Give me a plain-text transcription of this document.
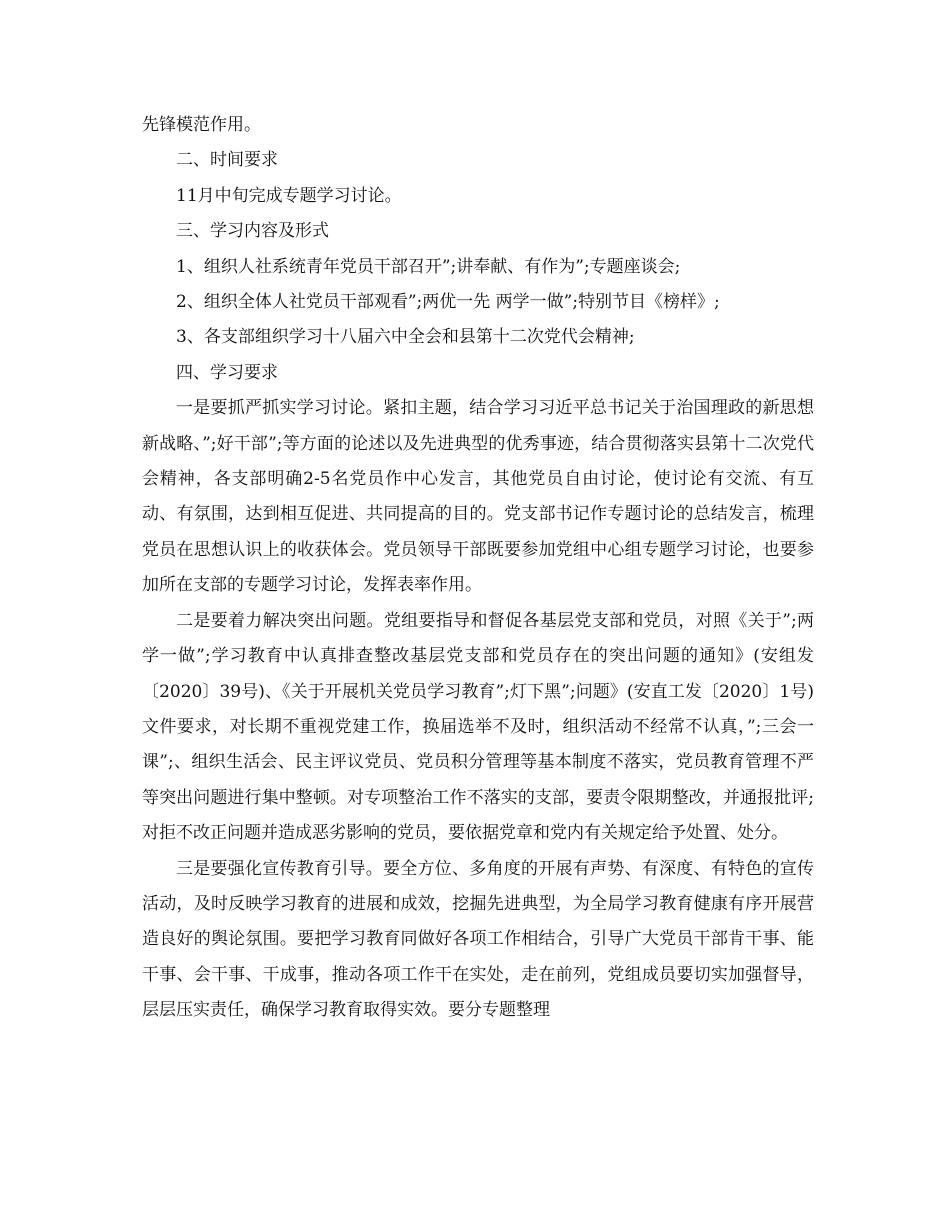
先锋模范作用。
二、时间要求
11月中旬完成专题学习讨论。
三、学习内容及形式
1、组织人社系统青年党员干部召开”;讲奉献、有作为”;专题座谈会;
2、组织全体人社党员干部观看”;两优一先 两学一做”;特别节目《榜样》;
3、各支部组织学习十八届六中全会和县第十二次党代会精神;
四、学习要求
一是要抓严抓实学习讨论。紧扣主题，结合学习习近平总书记关于治国理政的新思想新战略、”;好干部”;等方面的论述以及先进典型的优秀事迹，结合贯彻落实县第十二次党代会精神，各支部明确2-5名党员作中心发言，其他党员自由讨论，使讨论有交流、有互动、有氛围，达到相互促进、共同提高的目的。党支部书记作专题讨论的总结发言，梳理党员在思想认识上的收获体会。党员领导干部既要参加党组中心组专题学习讨论，也要参加所在支部的专题学习讨论，发挥表率作用。
二是要着力解决突出问题。党组要指导和督促各基层党支部和党员，对照《关于”;两学一做”;学习教育中认真排查整改基层党支部和党员存在的突出问题的通知》(安组发〔2020〕39号)、《关于开展机关党员学习教育”;灯下黑”;问题》(安直工发〔2020〕1号)文件要求，对长期不重视党建工作，换届选举不及时，组织活动不经常不认真，”;三会一课”;、组织生活会、民主评议党员、党员积分管理等基本制度不落实，党员教育管理不严等突出问题进行集中整顿。对专项整治工作不落实的支部，要责令限期整改，并通报批评;对拒不改正问题并造成恶劣影响的党员，要依据党章和党内有关规定给予处置、处分。
三是要强化宣传教育引导。要全方位、多角度的开展有声势、有深度、有特色的宣传活动，及时反映学习教育的进展和成效，挖掘先进典型，为全局学习教育健康有序开展营造良好的舆论氛围。要把学习教育同做好各项工作相结合，引导广大党员干部肯干事、能干事、会干事、干成事，推动各项工作干在实处，走在前列，党组成员要切实加强督导，层层压实责任，确保学习教育取得实效。要分专题整理
